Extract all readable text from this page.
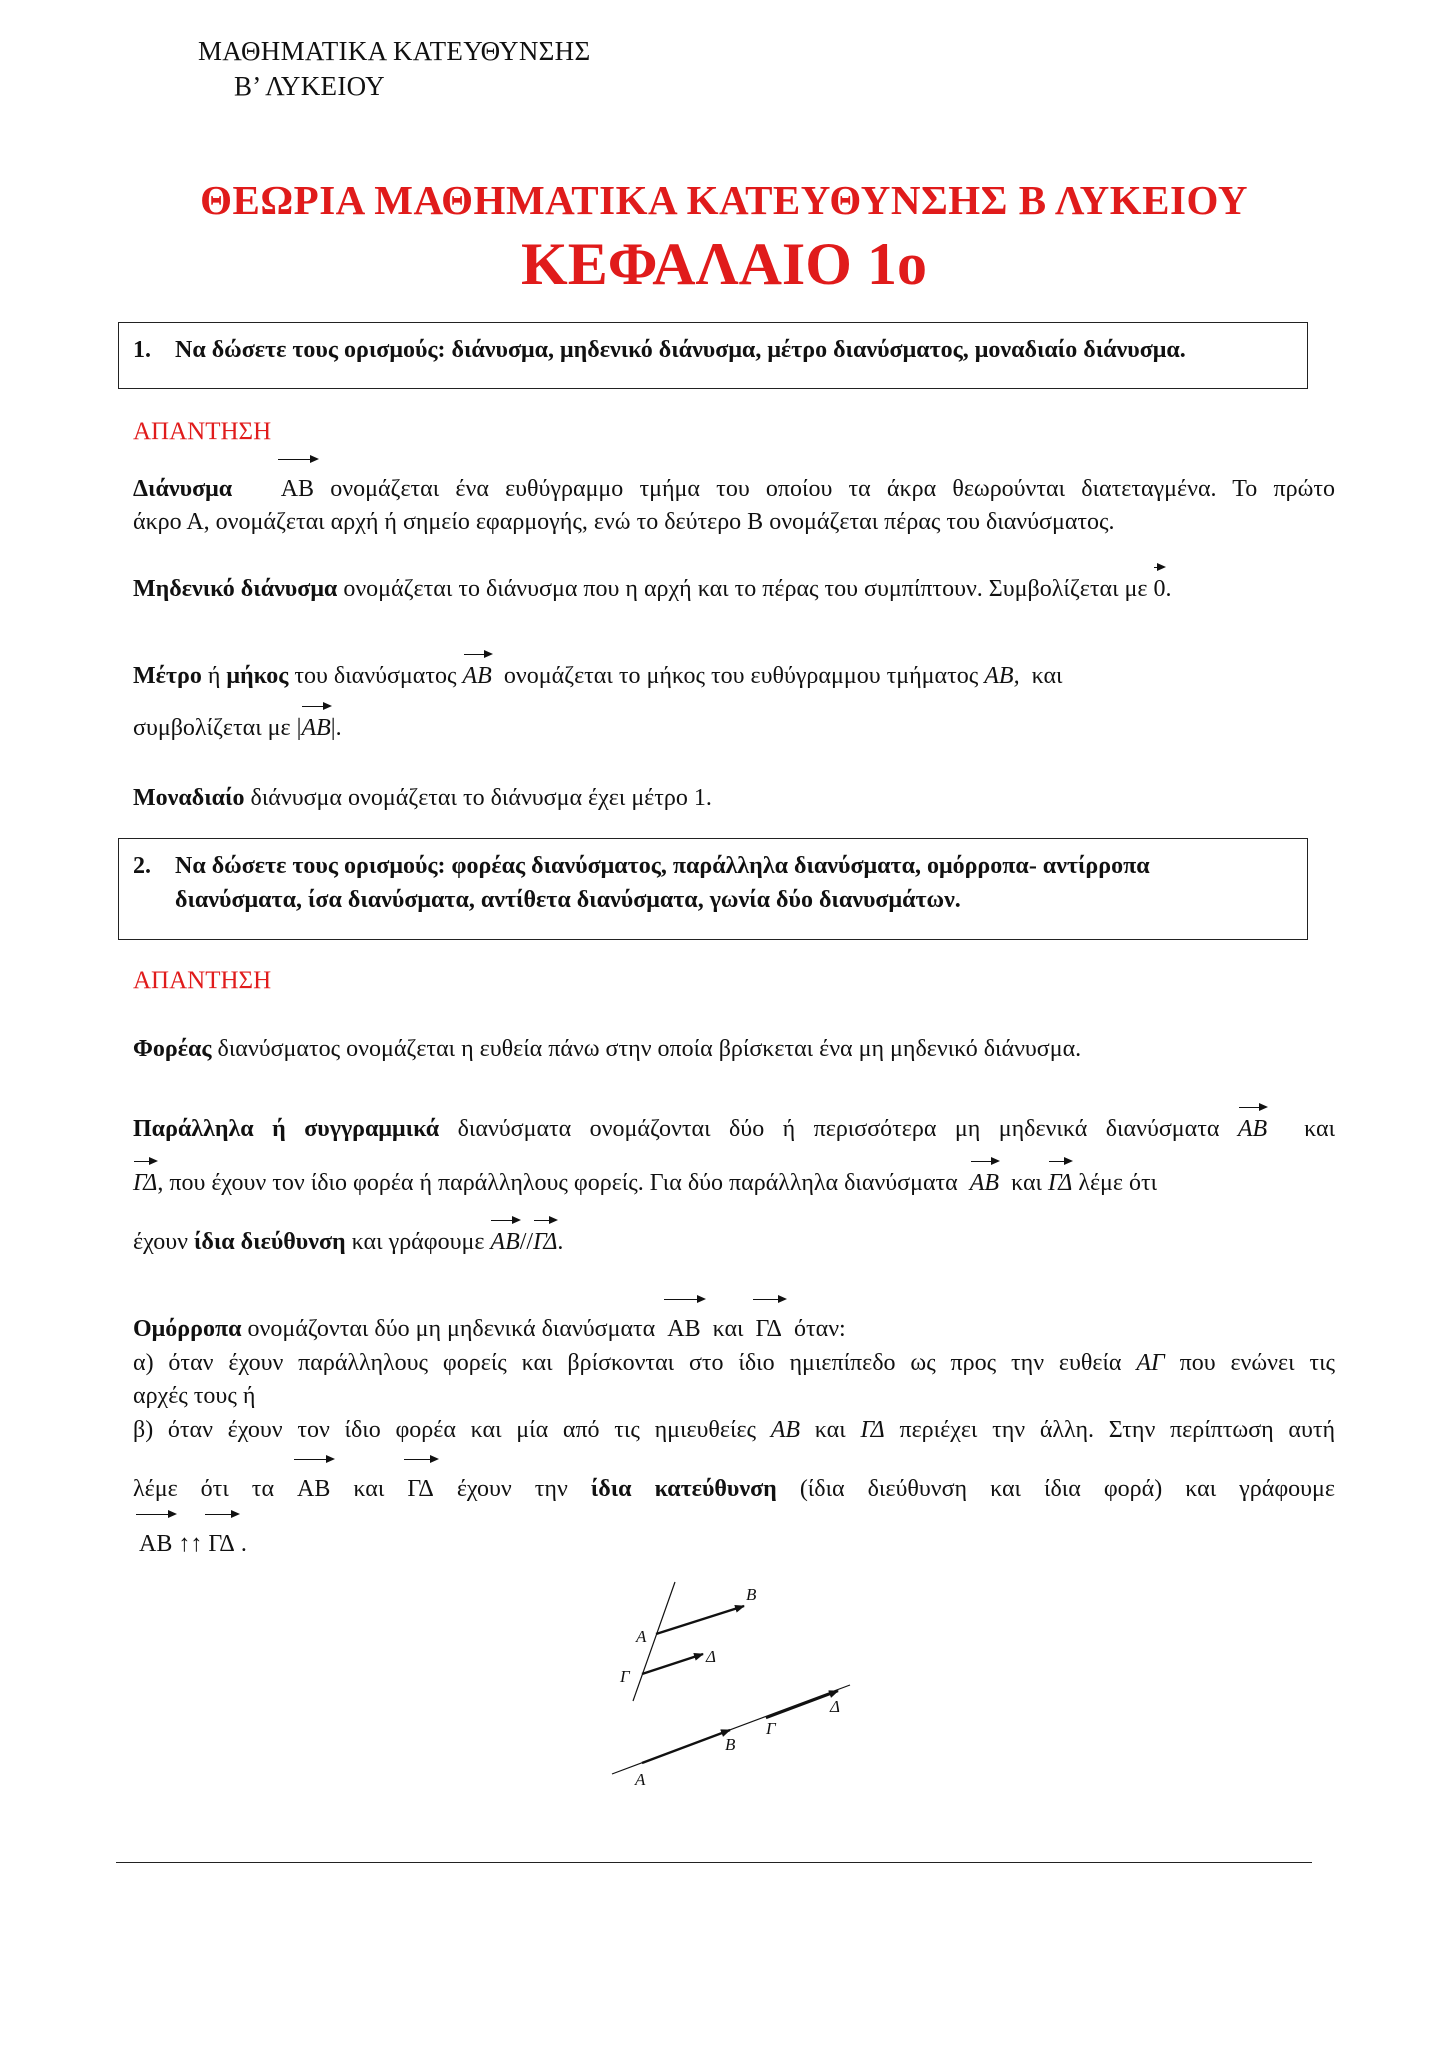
ΜΑΘΗΜΑΤΙΚΑ ΚΑΤΕΥΘΥΝΣΗΣ
Β’ ΛΥΚΕΙΟΥ
ΘΕΩΡΙΑ ΜΑΘΗΜΑΤΙΚΑ ΚΑΤΕΥΘΥΝΣΗΣ Β ΛΥΚΕΙΟΥ
ΚΕΦΑΛΑΙΟ 1ο
1. Να δώσετε τους ορισμούς: διάνυσμα, μηδενικό διάνυσμα, μέτρο διανύσματος, μοναδιαίο διάνυσμα.
ΑΠΑΝΤΗΣΗ
Διάνυσμα AB ονομάζεται ένα ευθύγραμμο τμήμα του οποίου τα άκρα θεωρούνται διατεταγμένα. Το πρώτο
άκρο Α, ονομάζεται αρχή ή σημείο εφαρμογής, ενώ το δεύτερο Β ονομάζεται πέρας του διανύσματος.
Μηδενικό διάνυσμα ονομάζεται το διάνυσμα που η αρχή και το πέρας του συμπίπτουν. Συμβολίζεται με 0.
Μέτρο ή μήκος του διανύσματος AB ονομάζεται το μήκος του ευθύγραμμου τμήματος AB, και
συμβολίζεται με |AB|.
Μοναδιαίο διάνυσμα ονομάζεται το διάνυσμα έχει μέτρο 1.
2. Να δώσετε τους ορισμούς: φορέας διανύσματος, παράλληλα διανύσματα, ομόρροπα- αντίρροπα
διανύσματα, ίσα διανύσματα, αντίθετα διανύσματα, γωνία δύο διανυσμάτων.
ΑΠΑΝΤΗΣΗ
Φορέας διανύσματος ονομάζεται η ευθεία πάνω στην οποία βρίσκεται ένα μη μηδενικό διάνυσμα.
Παράλληλα ή συγγραμμικά διανύσματα ονομάζονται δύο ή περισσότερα μη μηδενικά διανύσματα AB και
ΓΔ, που έχουν τον ίδιο φορέα ή παράλληλους φορείς. Για δύο παράλληλα διανύσματα AB και ΓΔ λέμε ότι
έχουν ίδια διεύθυνση και γράφουμε AB//ΓΔ.
Ομόρροπα ονομάζονται δύο μη μηδενικά διανύσματα AB και ΓΔ όταν:
α) όταν έχουν παράλληλους φορείς και βρίσκονται στο ίδιο ημιεπίπεδο ως προς την ευθεία ΑΓ που ενώνει τις
αρχές τους ή
β) όταν έχουν τον ίδιο φορέα και μία από τις ημιευθείες ΑΒ και ΓΔ περιέχει την άλλη. Στην περίπτωση αυτή
λέμε ότι τα AB και ΓΔ έχουν την ίδια κατεύθυνση (ίδια διεύθυνση και ίδια φορά) και γράφουμε
AB ↑↑ ΓΔ .
Α
Β
Γ
Δ
Α
Β
Γ
Δ
